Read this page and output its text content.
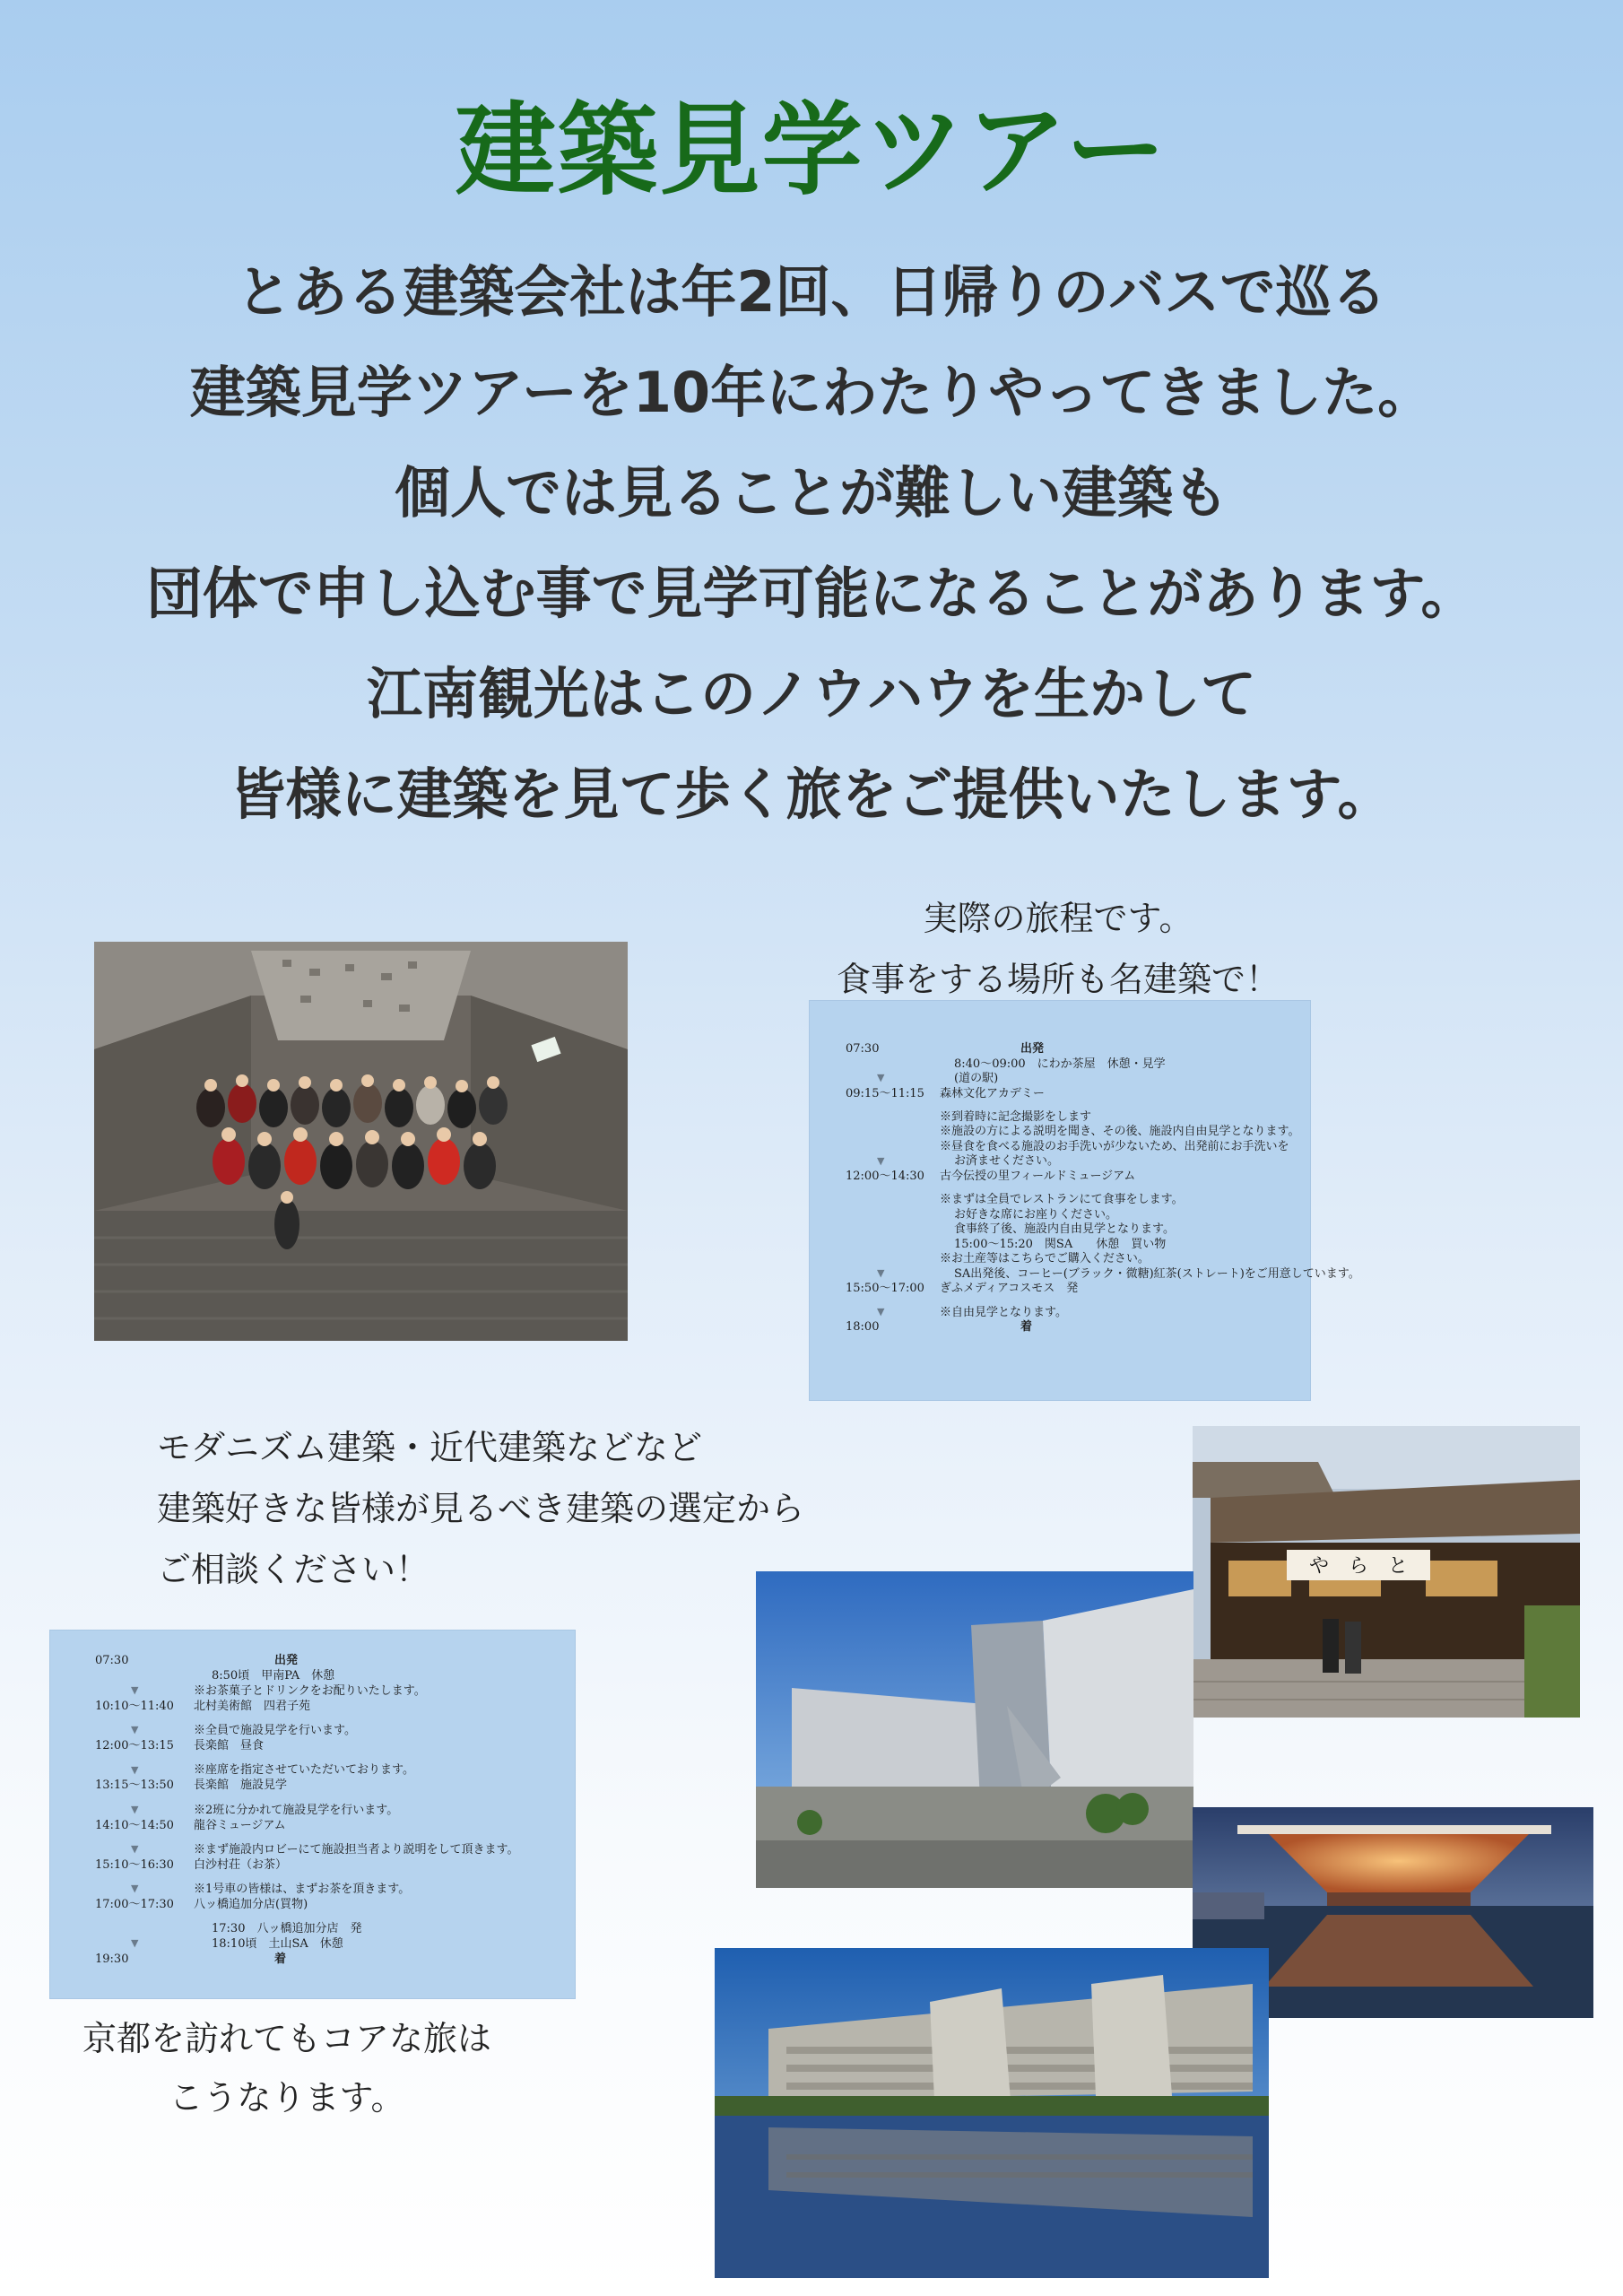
建築見学ツアー
とある建築会社は年2回、日帰りのバスで巡る
建築見学ツアーを10年にわたりやってきました。
個人では見ることが難しい建築も
団体で申し込む事で見学可能になることがあります。
江南観光はこのノウハウを生かして
皆様に建築を見て歩く旅をご提供いたします。
実際の旅程です。
食事をする場所も名建築で！
07:30	出発
8:40〜09:00　にわか茶屋　休憩・見学
(道の駅)
▼
09:15〜11:15 森林文化アカデミー
※到着時に記念撮影をします
※施設の方による説明を聞き、その後、施設内自由見学となります。
※昼食を食べる施設のお手洗いが少ないため、出発前にお手洗いを
お済ませください。
▼
12:00〜14:30 古今伝授の里フィールドミュージアム
※まずは全員でレストランにて食事をします。
お好きな席にお座りください。
食事終了後、施設内自由見学となります。
15:00〜15:20　関SA　　休憩　買い物
※お土産等はこちらでご購入ください。
SA出発後、コーヒー(ブラック・微糖)紅茶(ストレート)をご用意しています。
▼
15:50〜17:00 ぎふメディアコスモス　発
※自由見学となります。
▼
18:00	着
モダニズム建築・近代建築などなど
建築好きな皆様が見るべき建築の選定から
ご相談ください！	や　ら　と
07:30	出発
8:50頃　甲南PA　休憩
※お茶菓子とドリンクをお配りいたします。
▼
10:10〜11:40 北村美術館　四君子苑
※全員で施設見学を行います。
▼
12:00〜13:15 長楽館　昼食
※座席を指定させていただいております。
▼
13:15〜13:50 長楽館　施設見学
※2班に分かれて施設見学を行います。
▼
14:10〜14:50 龍谷ミュージアム
※まず施設内ロビーにて施設担当者より説明をして頂きます。
▼
15:10〜16:30 白沙村荘（お茶）
※1号車の皆様は、まずお茶を頂きます。
▼
17:00〜17:30 八ッ橋追加分店(買物)
17:30　八ッ橋追加分店　発
18:10頃　土山SA　休憩
▼
19:30	着
京都を訪れてもコアな旅は
こうなります。
